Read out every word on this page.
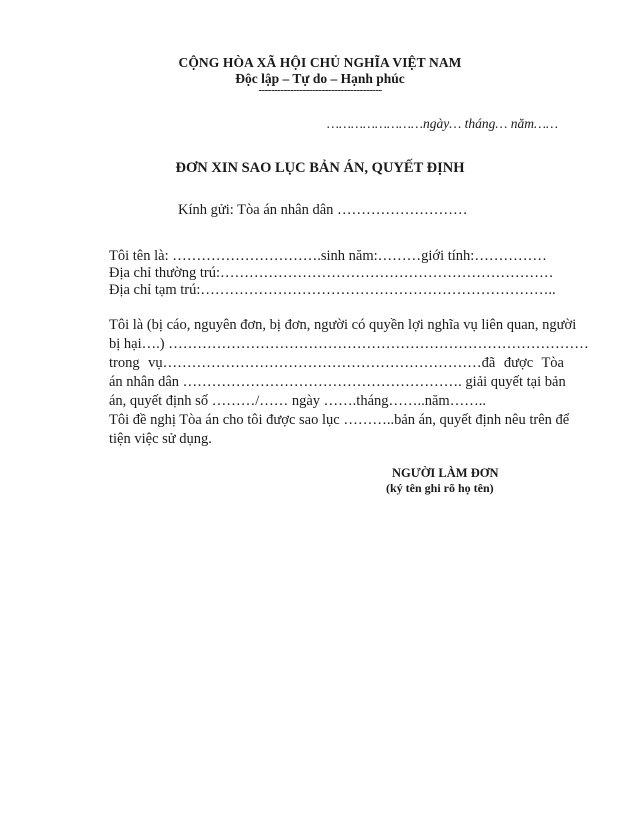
CỘNG HÒA XÃ HỘI CHỦ NGHĨA VIỆT NAM
Độc lập – Tự do – Hạnh phúc
---------------------------------------
……………………ngày… tháng… năm……
ĐƠN XIN SAO LỤC BẢN ÁN, QUYẾT ĐỊNH
Kính gửi: Tòa án nhân dân ………………………
Tôi tên là: ………………………….sinh năm:………giới tính:……………
Địa chỉ thường trú:……………………………………………………………
Địa chỉ tạm trú:………………………………………………………………..
Tôi là (bị cáo, nguyên đơn, bị đơn, người có quyền lợi nghĩa vụ liên quan, người
bị hại….) ……………………………………………………………………………
trong vụ…………………………………………………………đã được Tòa
án nhân dân …………………………………………………. giải quyết tại bản
án, quyết định số ………/…… ngày …….tháng……..năm……..
Tôi đề nghị Tòa án cho tôi được sao lục ………..bản án, quyết định nêu trên để
tiện việc sử dụng.
NGƯỜI LÀM ĐƠN
(ký tên ghi rõ họ tên)
